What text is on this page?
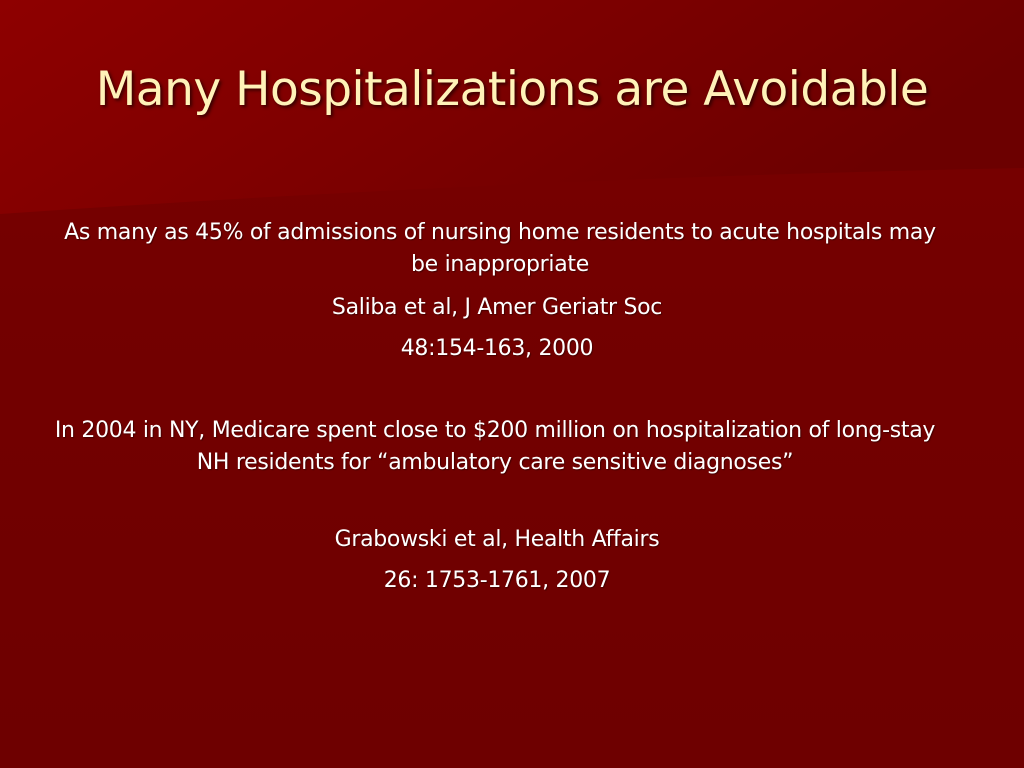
Many Hospitalizations are Avoidable
As many as 45% of admissions of nursing home residents to acute hospitals may be inappropriate
Saliba et al, J Amer Geriatr Soc
48:154-163, 2000
In 2004 in NY, Medicare spent close to $200 million on hospitalization of long-stay NH residents for “ambulatory care sensitive diagnoses”
Grabowski et al, Health Affairs
26: 1753-1761, 2007
